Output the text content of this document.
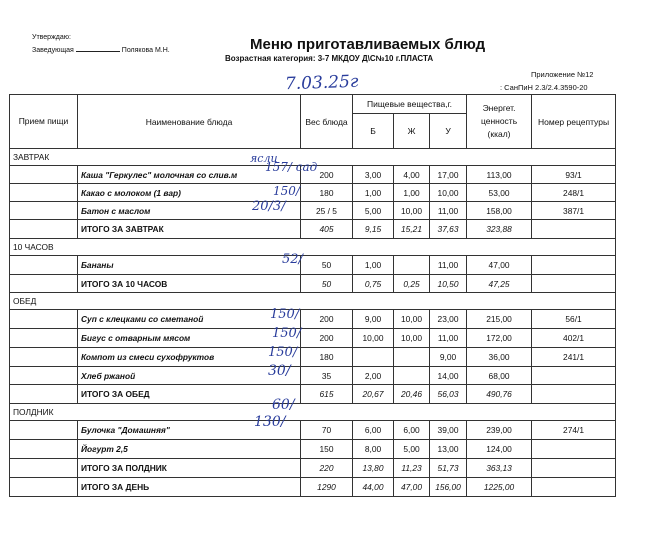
Утверждаю:
Заведующая	Полякова М.Н.	Меню приготавливаемых блюд
Возрастная категория: 3-7 МКДОУ Д\С№10 г.ПЛАСТА
7.03.25г	Приложение №12
: СанПиН 2.3/2.4.3590-20
Прием пищи	Наименование блюда	Вес блюда	Пищевые вещества,г.			Энергет. ценность (ккал)	Номер рецептуры
			Б	Ж	У		
ЗАВТРАК							
	Каша "Геркулес" молочная со слив.м	200	3,00	4,00	17,00	113,00	93/1
	Какао с молоком (1 вар)	180	1,00	1,00	10,00	53,00	248/1
	Батон с маслом	25 / 5	5,00	10,00	11,00	158,00	387/1
	ИТОГО ЗА ЗАВТРАК	405	9,15	15,21	37,63	323,88	
10 ЧАСОВ							
	Бананы	50	1,00		11,00	47,00	
	ИТОГО ЗА 10 ЧАСОВ	50	0,75	0,25	10,50	47,25	
ОБЕД							
	Суп с клецками со сметаной	200	9,00	10,00	23,00	215,00	56/1
	Бигус с отварным мясом	200	10,00	10,00	11,00	172,00	402/1
	Компот из смеси сухофруктов	180			9,00	36,00	241/1
	Хлеб ржаной	35	2,00		14,00	68,00	
	ИТОГО ЗА ОБЕД	615	20,67	20,46	56,03	490,76	
ПОЛДНИК							
	Булочка "Домашняя"	70	6,00	6,00	39,00	239,00	274/1
	Йогурт 2,5	150	8,00	5,00	13,00	124,00	
	ИТОГО ЗА ПОЛДНИК	220	13,80	11,23	51,73	363,13	
	ИТОГО ЗА ДЕНЬ	1290	44,00	47,00	156,00	1225,00	
ясли
157/ сад
150/
20/3/
52/
150/
150/
150/
30/
60/
130/
